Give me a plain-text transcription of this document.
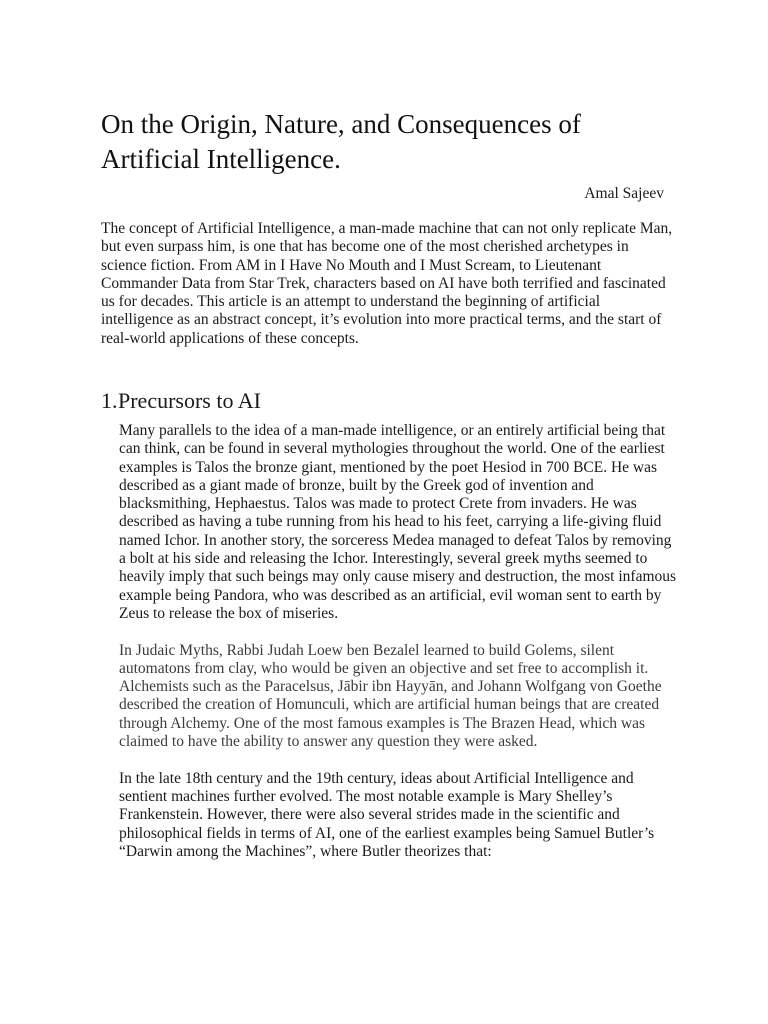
On the Origin, Nature, and Consequences of Artificial Intelligence.

Amal Sajeev

The concept of Artificial Intelligence, a man-made machine that can not only replicate Man, but even surpass him, is one that has become one of the most cherished archetypes in science fiction. From AM in I Have No Mouth and I Must Scream, to Lieutenant Commander Data from Star Trek, characters based on AI have both terrified and fascinated us for decades. This article is an attempt to understand the beginning of artificial intelligence as an abstract concept, it’s evolution into more practical terms, and the start of real-world applications of these concepts.

1.Precursors to AI

Many parallels to the idea of a man-made intelligence, or an entirely artificial being that can think, can be found in several mythologies throughout the world. One of the earliest examples is Talos the bronze giant, mentioned by the poet Hesiod in 700 BCE. He was described as a giant made of bronze, built by the Greek god of invention and blacksmithing, Hephaestus. Talos was made to protect Crete from invaders. He was described as having a tube running from his head to his feet, carrying a life-giving fluid named Ichor. In another story, the sorceress Medea managed to defeat Talos by removing a bolt at his side and releasing the Ichor. Interestingly, several greek myths seemed to heavily imply that such beings may only cause misery and destruction, the most infamous example being Pandora, who was described as an artificial, evil woman sent to earth by Zeus to release the box of miseries.

In Judaic Myths, Rabbi Judah Loew ben Bezalel learned to build Golems, silent automatons from clay, who would be given an objective and set free to accomplish it. Alchemists such as the Paracelsus, Jābir ibn Hayyān, and Johann Wolfgang von Goethe described the creation of Homunculi, which are artificial human beings that are created through Alchemy. One of the most famous examples is The Brazen Head, which was claimed to have the ability to answer any question they were asked.

In the late 18th century and the 19th century, ideas about Artificial Intelligence and sentient machines further evolved. The most notable example is Mary Shelley’s Frankenstein. However, there were also several strides made in the scientific and philosophical fields in terms of AI, one of the earliest examples being Samuel Butler’s “Darwin among the Machines”, where Butler theorizes that:
